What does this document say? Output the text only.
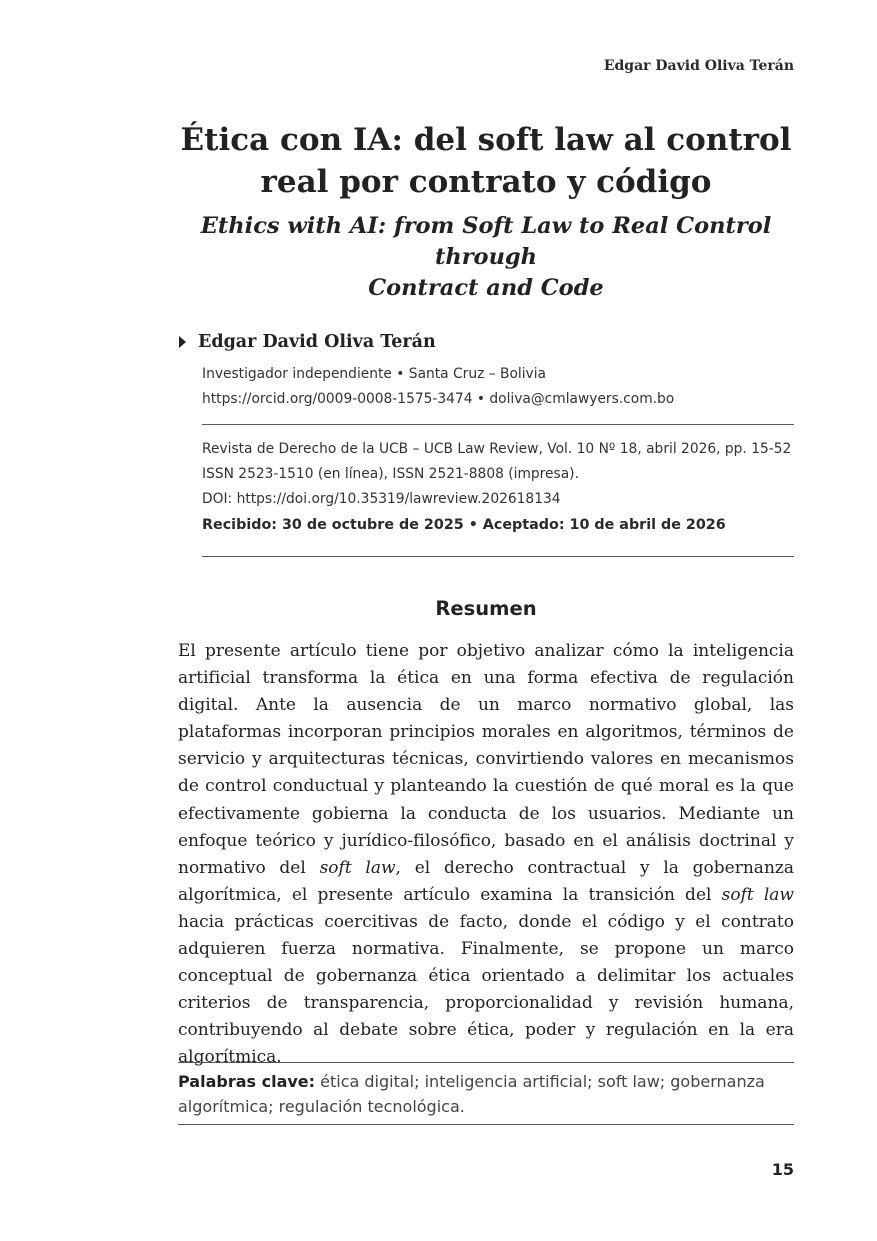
Edgar David Oliva Terán
Ética con IA: del soft law al control
real por contrato y código
Ethics with AI: from Soft Law to Real Control through
Contract and Code
Edgar David Oliva Terán
Investigador independiente • Santa Cruz – Bolivia
https://orcid.org/0009-0008-1575-3474 • doliva@cmlawyers.com.bo
Revista de Derecho de la UCB – UCB Law Review, Vol. 10 Nº 18, abril 2026, pp. 15-52
ISSN 2523-1510 (en línea), ISSN 2521-8808 (impresa).
DOI: https://doi.org/10.35319/lawreview.202618134
Recibido: 30 de octubre de 2025 • Aceptado: 10 de abril de 2026
Resumen

El presente artículo tiene por objetivo analizar cómo la inteligencia artificial transforma la ética en una forma efectiva de regulación digital. Ante la ausencia de un marco normativo global, las plataformas incorporan principios morales en algoritmos, términos de servicio y arquitecturas técnicas, convirtiendo valores en mecanismos de control conductual y planteando la cuestión de qué moral es la que efectivamente gobierna la conducta de los usuarios. Mediante un enfoque teórico y jurídico-filosófico, basado en el análisis doctrinal y normativo del soft law, el derecho contractual y la gobernanza algorítmica, el presente artículo examina la transición del soft law hacia prácticas coercitivas de facto, donde el código y el contrato adquieren fuerza normativa. Finalmente, se propone un marco conceptual de gobernanza ética orientado a delimitar los actuales criterios de transparencia, proporcionalidad y revisión humana, contribuyendo al debate sobre ética, poder y regulación en la era algorítmica.

Palabras clave: ética digital; inteligencia artificial; soft law; gobernanza algorítmica; regulación tecnológica.
15
